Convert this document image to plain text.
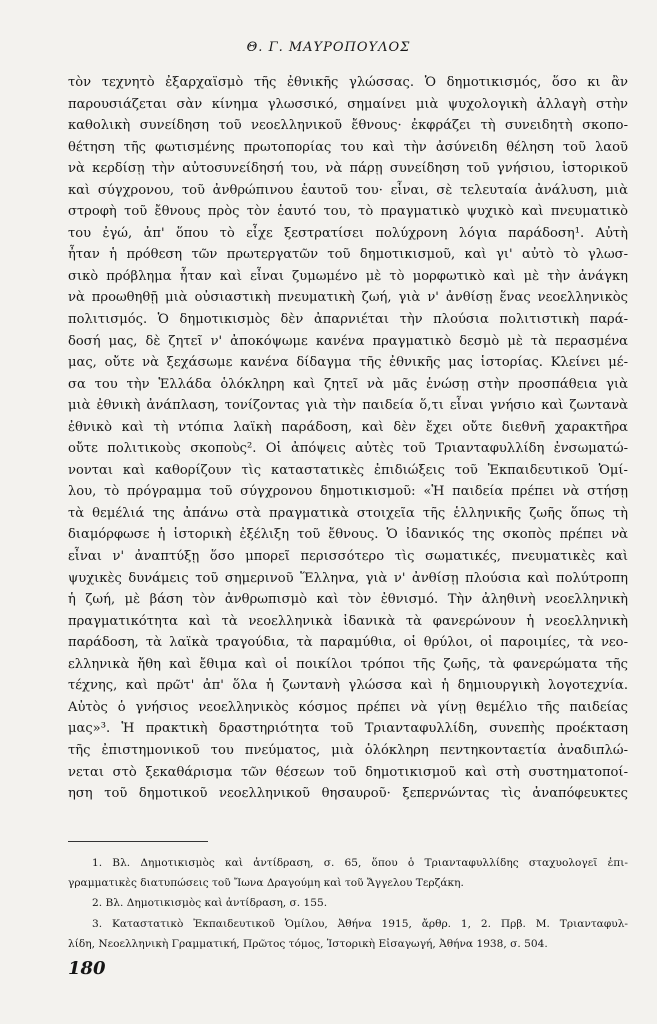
Θ. Γ. ΜΑΥΡΟΠΟΥΛΟΣ
τὸν τεχνητὸ ἐξαρχαϊσμὸ τῆς ἐθνικῆς γλώσσας. Ὁ δημοτικισμός, ὅσο κι ἂν
παρουσιάζεται σὰν κίνημα γλωσσικό, σημαίνει μιὰ ψυχολογικὴ ἀλλαγὴ στὴν
καθολικὴ συνείδηση τοῦ νεοελληνικοῦ ἔθνους· ἐκφράζει τὴ συνειδητὴ σκοπο-
θέτηση τῆς φωτισμένης πρωτοπορίας του καὶ τὴν ἀσύνειδη θέληση τοῦ λαοῦ
νὰ κερδίσῃ τὴν αὐτοσυνείδησή του, νὰ πάρῃ συνείδηση τοῦ γνήσιου, ἱστορικοῦ
καὶ σύγχρονου, τοῦ ἀνθρώπινου ἑαυτοῦ του· εἶναι, σὲ τελευταία ἀνάλυση, μιὰ
στροφὴ τοῦ ἔθνους πρὸς τὸν ἑαυτό του, τὸ πραγματικὸ ψυχικὸ καὶ πνευματικὸ
του ἐγώ, ἀπ' ὅπου τὸ εἶχε ξεστρατίσει πολύχρονη λόγια παράδοση¹. Αὐτὴ
ἦταν ἡ πρόθεση τῶν πρωτεργατῶν τοῦ δημοτικισμοῦ, καὶ γι' αὐτὸ τὸ γλωσ-
σικὸ πρόβλημα ἦταν καὶ εἶναι ζυμωμένο μὲ τὸ μορφωτικὸ καὶ μὲ τὴν ἀνάγκη
νὰ προωθηθῇ μιὰ οὐσιαστικὴ πνευματικὴ ζωή, γιὰ ν' ἀνθίσῃ ἕνας νεοελληνικὸς
πολιτισμός. Ὁ δημοτικισμὸς δὲν ἀπαρνιέται τὴν πλούσια πολιτιστικὴ παρά-
δοσή μας, δὲ ζητεῖ ν' ἀποκόψωμε κανένα πραγματικὸ δεσμὸ μὲ τὰ περασμένα
μας, οὔτε νὰ ξεχάσωμε κανένα δίδαγμα τῆς ἐθνικῆς μας ἱστορίας. Κλείνει μέ-
σα του τὴν Ἑλλάδα ὁλόκληρη καὶ ζητεῖ νὰ μᾶς ἑνώσῃ στὴν προσπάθεια γιὰ
μιὰ ἐθνικὴ ἀνάπλαση, τονίζοντας γιὰ τὴν παιδεία ὅ,τι εἶναι γνήσιο καὶ ζωντανὰ
ἐθνικὸ καὶ τὴ ντόπια λαϊκὴ παράδοση, καὶ δὲν ἔχει οὔτε διεθνῆ χαρακτῆρα
οὔτε πολιτικοὺς σκοποὺς². Οἱ ἀπόψεις αὐτὲς τοῦ Τριανταφυλλίδη ἐνσωματώ-
νονται καὶ καθορίζουν τὶς καταστατικὲς ἐπιδιώξεις τοῦ Ἐκπαιδευτικοῦ Ὁμί-
λου, τὸ πρόγραμμα τοῦ σύγχρονου δημοτικισμοῦ: «Ἡ παιδεία πρέπει νὰ στήσῃ
τὰ θεμέλιά της ἀπάνω στὰ πραγματικὰ στοιχεῖα τῆς ἑλληνικῆς ζωῆς ὅπως τὴ
διαμόρφωσε ἡ ἱστορικὴ ἐξέλιξη τοῦ ἔθνους. Ὁ ἰδανικός της σκοπὸς πρέπει νὰ
εἶναι ν' ἀναπτύξῃ ὅσο μπορεῖ περισσότερο τὶς σωματικές, πνευματικὲς καὶ
ψυχικὲς δυνάμεις τοῦ σημερινοῦ Ἕλληνα, γιὰ ν' ἀνθίσῃ πλούσια καὶ πολύτροπη
ἡ ζωή, μὲ βάση τὸν ἀνθρωπισμὸ καὶ τὸν ἐθνισμό. Τὴν ἀληθινὴ νεοελληνικὴ
πραγματικότητα καὶ τὰ νεοελληνικὰ ἰδανικὰ τὰ φανερώνουν ἡ νεοελληνικὴ
παράδοση, τὰ λαϊκὰ τραγούδια, τὰ παραμύθια, οἱ θρύλοι, οἱ παροιμίες, τὰ νεο-
ελληνικὰ ἤθη καὶ ἔθιμα καὶ οἱ ποικίλοι τρόποι τῆς ζωῆς, τὰ φανερώματα τῆς
τέχνης, καὶ πρῶτ' ἀπ' ὅλα ἡ ζωντανὴ γλώσσα καὶ ἡ δημιουργικὴ λογοτεχνία.
Αὐτὸς ὁ γνήσιος νεοελληνικὸς κόσμος πρέπει νὰ γίνῃ θεμέλιο τῆς παιδείας
μας»³. Ἡ πρακτικὴ δραστηριότητα τοῦ Τριανταφυλλίδη, συνεπὴς προέκταση
τῆς ἐπιστημονικοῦ του πνεύματος, μιὰ ὁλόκληρη πεντηκονταετία ἀναδιπλώ-
νεται στὸ ξεκαθάρισμα τῶν θέσεων τοῦ δημοτικισμοῦ καὶ στὴ συστηματοποί-
ηση τοῦ δημοτικοῦ νεοελληνικοῦ θησαυροῦ· ξεπερνώντας τὶς ἀναπόφευκτες
1. Βλ. Δημοτικισμὸς καὶ ἀντίδραση, σ. 65, ὅπου ὁ Τριανταφυλλίδης σταχυολογεῖ ἐπι-
γραμματικὲς διατυπώσεις τοῦ Ἴωνα Δραγούμη καὶ τοῦ Ἄγγελου Τερζάκη.
2. Βλ. Δημοτικισμὸς καὶ ἀντίδραση, σ. 155.
3. Καταστατικὸ Ἐκπαιδευτικοῦ Ὁμίλου, Ἀθήνα 1915, ἄρθρ. 1, 2. Πρβ. Μ. Τριανταφυλ-
λίδη, Νεοελληνικὴ Γραμματική, Πρῶτος τόμος, Ἱστορικὴ Εἰσαγωγή, Ἀθήνα 1938, σ. 504.
180
